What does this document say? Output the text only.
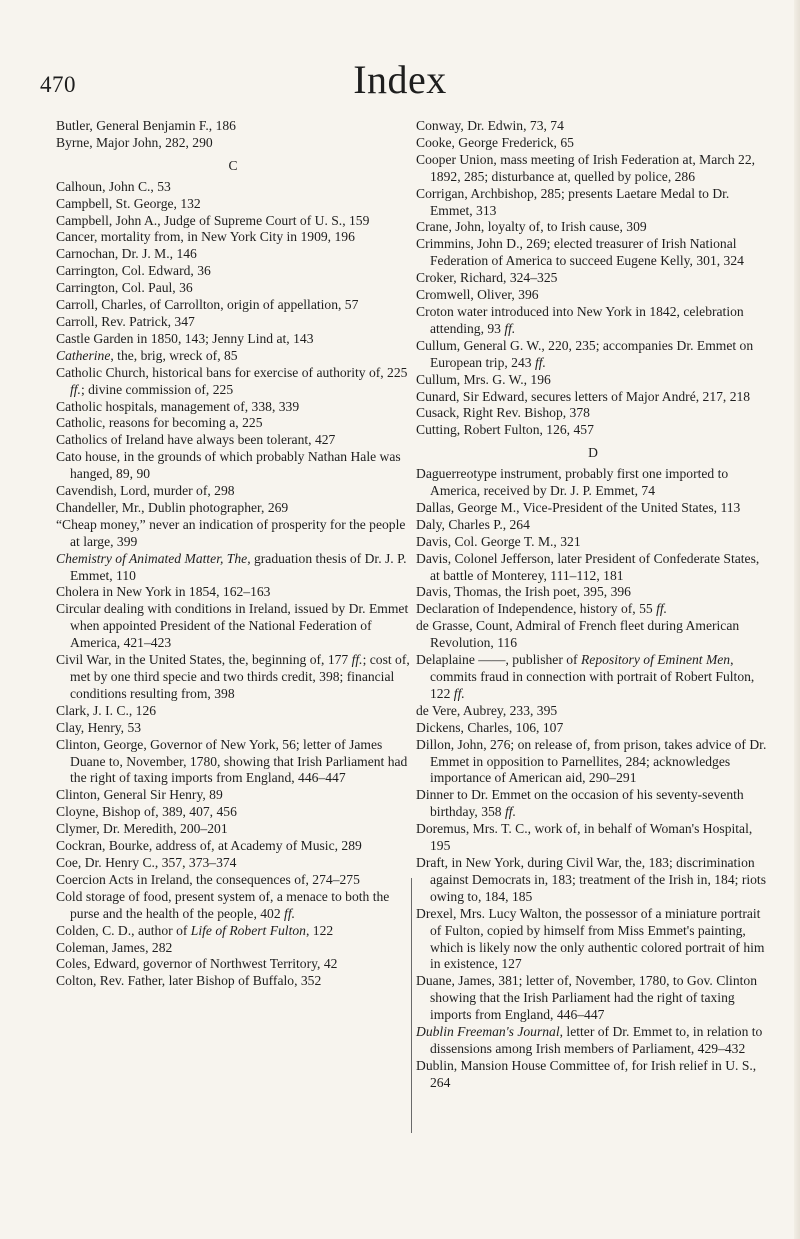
470	Index

Butler, General Benjamin F., 186

Byrne, Major John, 282, 290

C

Calhoun, John C., 53

Campbell, St. George, 132

Campbell, John A., Judge of Supreme Court of U. S., 159

Cancer, mortality from, in New York City in 1909, 196

Carnochan, Dr. J. M., 146

Carrington, Col. Edward, 36

Carrington, Col. Paul, 36

Carroll, Charles, of Carrollton, origin of appellation, 57

Carroll, Rev. Patrick, 347

Castle Garden in 1850, 143; Jenny Lind at, 143

Catherine, the, brig, wreck of, 85

Catholic Church, historical bans for exercise of authority of, 225 ff.; divine commission of, 225

Catholic hospitals, management of, 338, 339

Catholic, reasons for becoming a, 225

Catholics of Ireland have always been tolerant, 427

Cato house, in the grounds of which probably Nathan Hale was hanged, 89, 90

Cavendish, Lord, murder of, 298

Chandeller, Mr., Dublin photographer, 269

“Cheap money,” never an indication of prosperity for the people at large, 399

Chemistry of Animated Matter, The, graduation thesis of Dr. J. P. Emmet, 110

Cholera in New York in 1854, 162–163

Circular dealing with conditions in Ireland, issued by Dr. Emmet when appointed President of the National Federation of America, 421–423

Civil War, in the United States, the, beginning of, 177 ff.; cost of, met by one third specie and two thirds credit, 398; financial conditions resulting from, 398

Clark, J. I. C., 126

Clay, Henry, 53

Clinton, George, Governor of New York, 56; letter of James Duane to, November, 1780, showing that Irish Parliament had the right of taxing imports from England, 446–447

Clinton, General Sir Henry, 89

Cloyne, Bishop of, 389, 407, 456

Clymer, Dr. Meredith, 200–201

Cockran, Bourke, address of, at Academy of Music, 289

Coe, Dr. Henry C., 357, 373–374

Coercion Acts in Ireland, the consequences of, 274–275

Cold storage of food, present system of, a menace to both the purse and the health of the people, 402 ff.

Colden, C. D., author of Life of Robert Fulton, 122

Coleman, James, 282

Coles, Edward, governor of Northwest Territory, 42

Colton, Rev. Father, later Bishop of Buffalo, 352

Conway, Dr. Edwin, 73, 74

Cooke, George Frederick, 65

Cooper Union, mass meeting of Irish Federation at, March 22, 1892, 285; disturbance at, quelled by police, 286

Corrigan, Archbishop, 285; presents Laetare Medal to Dr. Emmet, 313

Crane, John, loyalty of, to Irish cause, 309

Crimmins, John D., 269; elected treasurer of Irish National Federation of America to succeed Eugene Kelly, 301, 324

Croker, Richard, 324–325

Cromwell, Oliver, 396

Croton water introduced into New York in 1842, celebration attending, 93 ff.

Cullum, General G. W., 220, 235; accompanies Dr. Emmet on European trip, 243 ff.

Cullum, Mrs. G. W., 196

Cunard, Sir Edward, secures letters of Major André, 217, 218

Cusack, Right Rev. Bishop, 378

Cutting, Robert Fulton, 126, 457

D

Daguerreotype instrument, probably first one imported to America, received by Dr. J. P. Emmet, 74

Dallas, George M., Vice-President of the United States, 113

Daly, Charles P., 264

Davis, Col. George T. M., 321

Davis, Colonel Jefferson, later President of Confederate States, at battle of Monterey, 111–112, 181

Davis, Thomas, the Irish poet, 395, 396

Declaration of Independence, history of, 55 ff.

de Grasse, Count, Admiral of French fleet during American Revolution, 116

Delaplaine ——, publisher of Repository of Eminent Men, commits fraud in connection with portrait of Robert Fulton, 122 ff.

de Vere, Aubrey, 233, 395

Dickens, Charles, 106, 107

Dillon, John, 276; on release of, from prison, takes advice of Dr. Emmet in opposition to Parnellites, 284; acknowledges importance of American aid, 290–291

Dinner to Dr. Emmet on the occasion of his seventy-seventh birthday, 358 ff.

Doremus, Mrs. T. C., work of, in behalf of Woman's Hospital, 195

Draft, in New York, during Civil War, the, 183; discrimination against Democrats in, 183; treatment of the Irish in, 184; riots owing to, 184, 185

Drexel, Mrs. Lucy Walton, the possessor of a miniature portrait of Fulton, copied by himself from Miss Emmet's painting, which is likely now the only authentic colored portrait of him in existence, 127

Duane, James, 381; letter of, November, 1780, to Gov. Clinton showing that the Irish Parliament had the right of taxing imports from England, 446–447

Dublin Freeman's Journal, letter of Dr. Emmet to, in relation to dissensions among Irish members of Parliament, 429–432

Dublin, Mansion House Committee of, for Irish relief in U. S., 264
